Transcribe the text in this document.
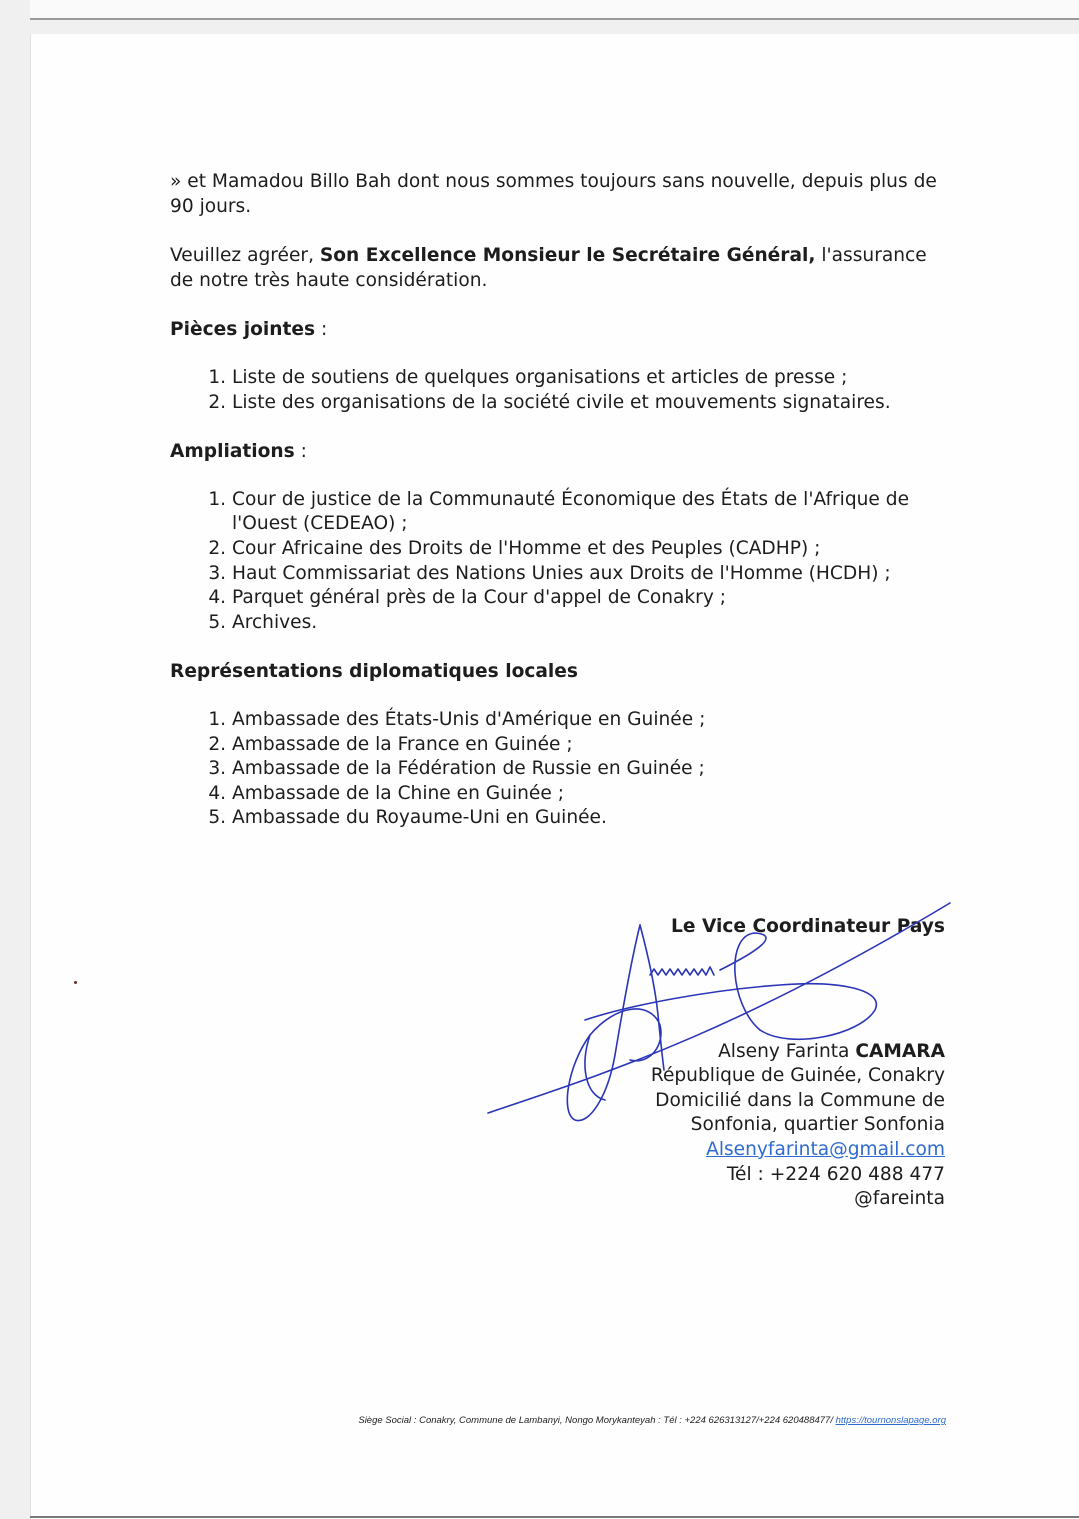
» et Mamadou Billo Bah dont nous sommes toujours sans nouvelle, depuis plus de 90 jours.

Veuillez agréer, Son Excellence Monsieur le Secrétaire Général, l'assurance de notre très haute considération.

Pièces jointes :

1. Liste de soutiens de quelques organisations et articles de presse ;
2. Liste des organisations de la société civile et mouvements signataires.

Ampliations :

1. Cour de justice de la Communauté Économique des États de l'Afrique de l'Ouest (CEDEAO) ;
2. Cour Africaine des Droits de l'Homme et des Peuples (CADHP) ;
3. Haut Commissariat des Nations Unies aux Droits de l'Homme (HCDH) ;
4. Parquet général près de la Cour d'appel de Conakry ;
5. Archives.

Représentations diplomatiques locales

1. Ambassade des États-Unis d'Amérique en Guinée ;
2. Ambassade de la France en Guinée ;
3. Ambassade de la Fédération de Russie en Guinée ;
4. Ambassade de la Chine en Guinée ;
5. Ambassade du Royaume-Uni en Guinée.
Le Vice Coordinateur Pays
Alseny Farinta CAMARA
République de Guinée, Conakry
Domicilié dans la Commune de
Sonfonia, quartier Sonfonia
Alsenyfarinta@gmail.com
Tél : +224 620 488 477
@fareinta
Siège Social : Conakry, Commune de Lambanyi, Nongo Morykanteyah : Tél : +224 626313127/+224 620488477/ https://tournonslapage.org
